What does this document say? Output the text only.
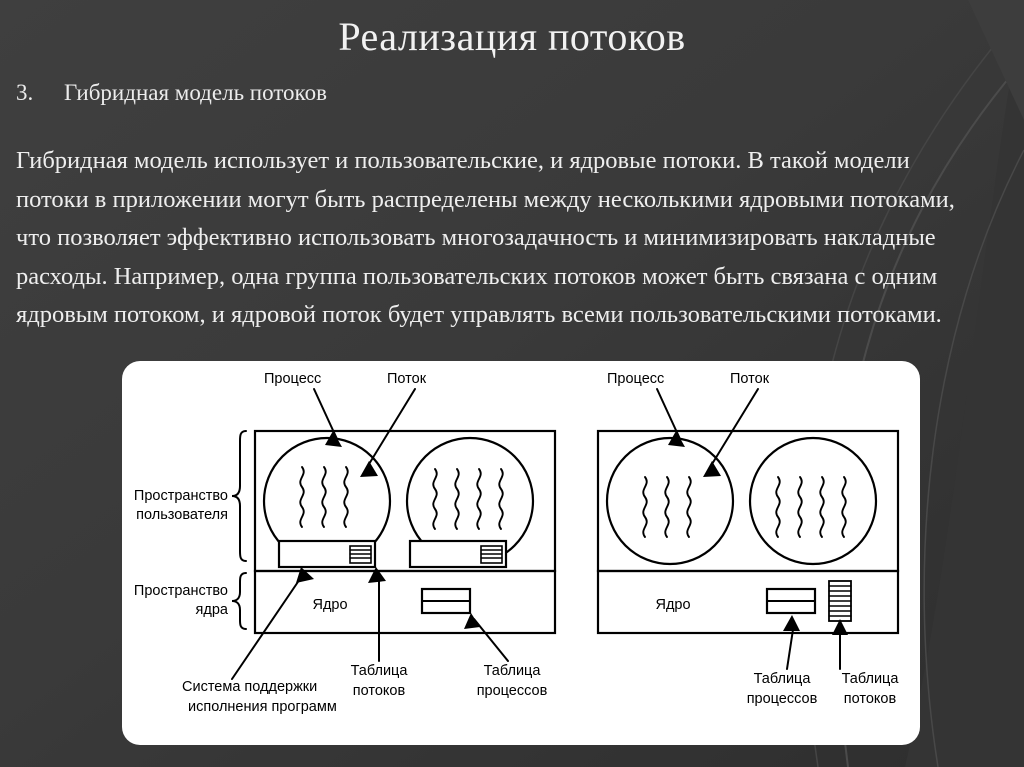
Реализация потоков
3.	Гибридная модель потоков
Гибридная модель использует и пользовательские, и ядровые потоки. В такой модели потоки в приложении могут быть распределены между несколькими ядровыми потоками, что позволяет эффективно использовать многозадачность и минимизировать накладные расходы. Например, одна группа пользовательских потоков может быть связана с одним ядровым потоком, и ядровой поток будет управлять всеми пользовательскими потоками.
Процесс	Поток
Пространство
пользователя
Пространство
ядра	Ядро
Система поддержки
исполнения программ
Таблица
потоков
Таблица
процессов
Процесс	Поток
Ядро
Таблица
процессов
Таблица
потоков
